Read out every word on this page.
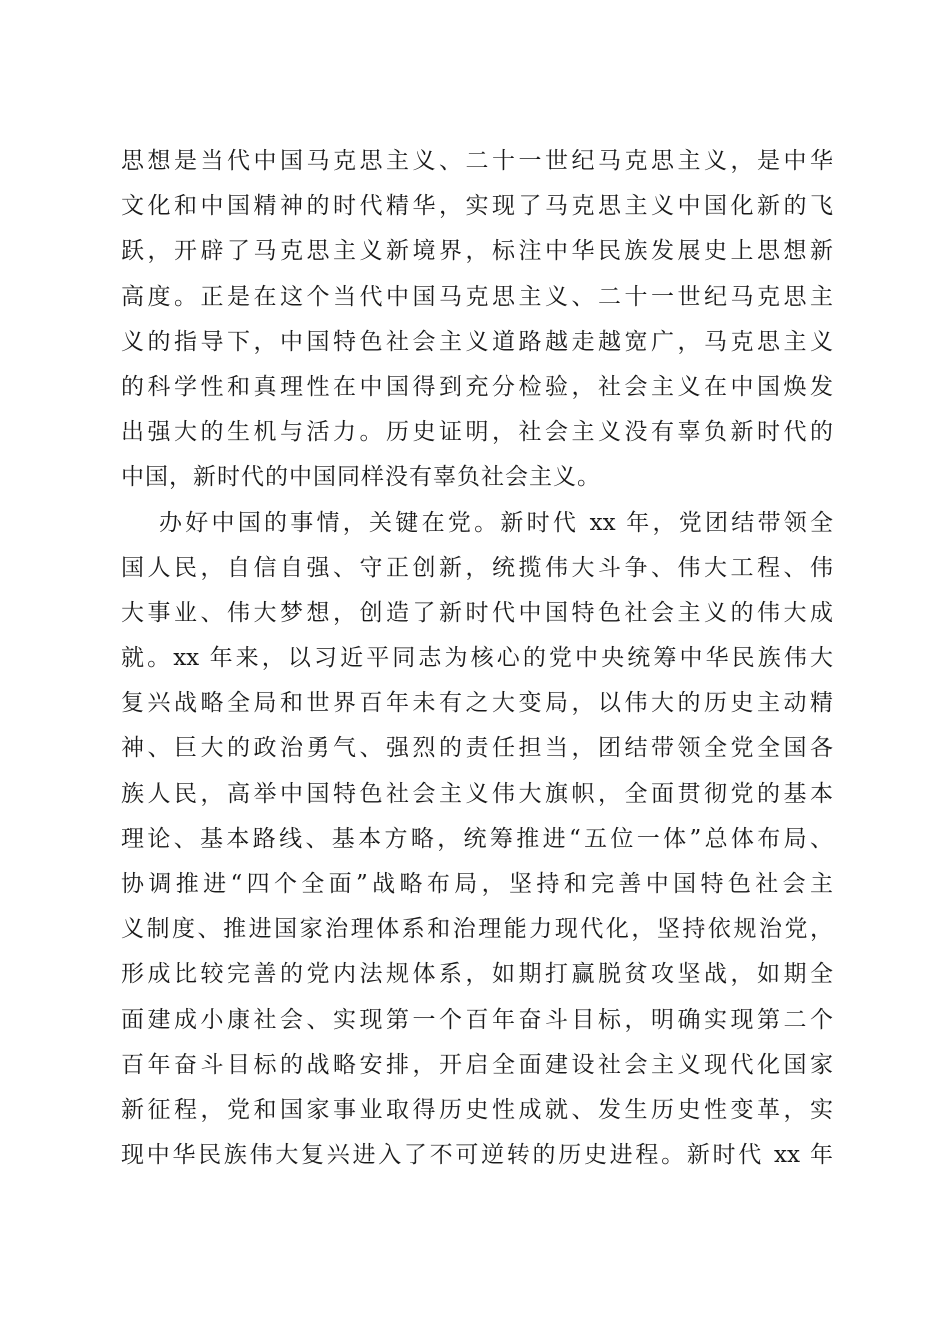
思想是当代中国马克思主义、二十一世纪马克思主义，是中华
文化和中国精神的时代精华，实现了马克思主义中国化新的飞
跃，开辟了马克思主义新境界，标注中华民族发展史上思想新
高度。正是在这个当代中国马克思主义、二十一世纪马克思主
义的指导下，中国特色社会主义道路越走越宽广，马克思主义
的科学性和真理性在中国得到充分检验，社会主义在中国焕发
出强大的生机与活力。历史证明，社会主义没有辜负新时代的
中国，新时代的中国同样没有辜负社会主义。
办好中国的事情，关键在党。新时代 xx 年，党团结带领全
国人民，自信自强、守正创新，统揽伟大斗争、伟大工程、伟
大事业、伟大梦想，创造了新时代中国特色社会主义的伟大成
就。xx 年来，以习近平同志为核心的党中央统筹中华民族伟大
复兴战略全局和世界百年未有之大变局，以伟大的历史主动精
神、巨大的政治勇气、强烈的责任担当，团结带领全党全国各
族人民，高举中国特色社会主义伟大旗帜，全面贯彻党的基本
理论、基本路线、基本方略，统筹推进“五位一体”总体布局、
协调推进“四个全面”战略布局，坚持和完善中国特色社会主
义制度、推进国家治理体系和治理能力现代化，坚持依规治党，
形成比较完善的党内法规体系，如期打赢脱贫攻坚战，如期全
面建成小康社会、实现第一个百年奋斗目标，明确实现第二个
百年奋斗目标的战略安排，开启全面建设社会主义现代化国家
新征程，党和国家事业取得历史性成就、发生历史性变革，实
现中华民族伟大复兴进入了不可逆转的历史进程。新时代 xx 年
